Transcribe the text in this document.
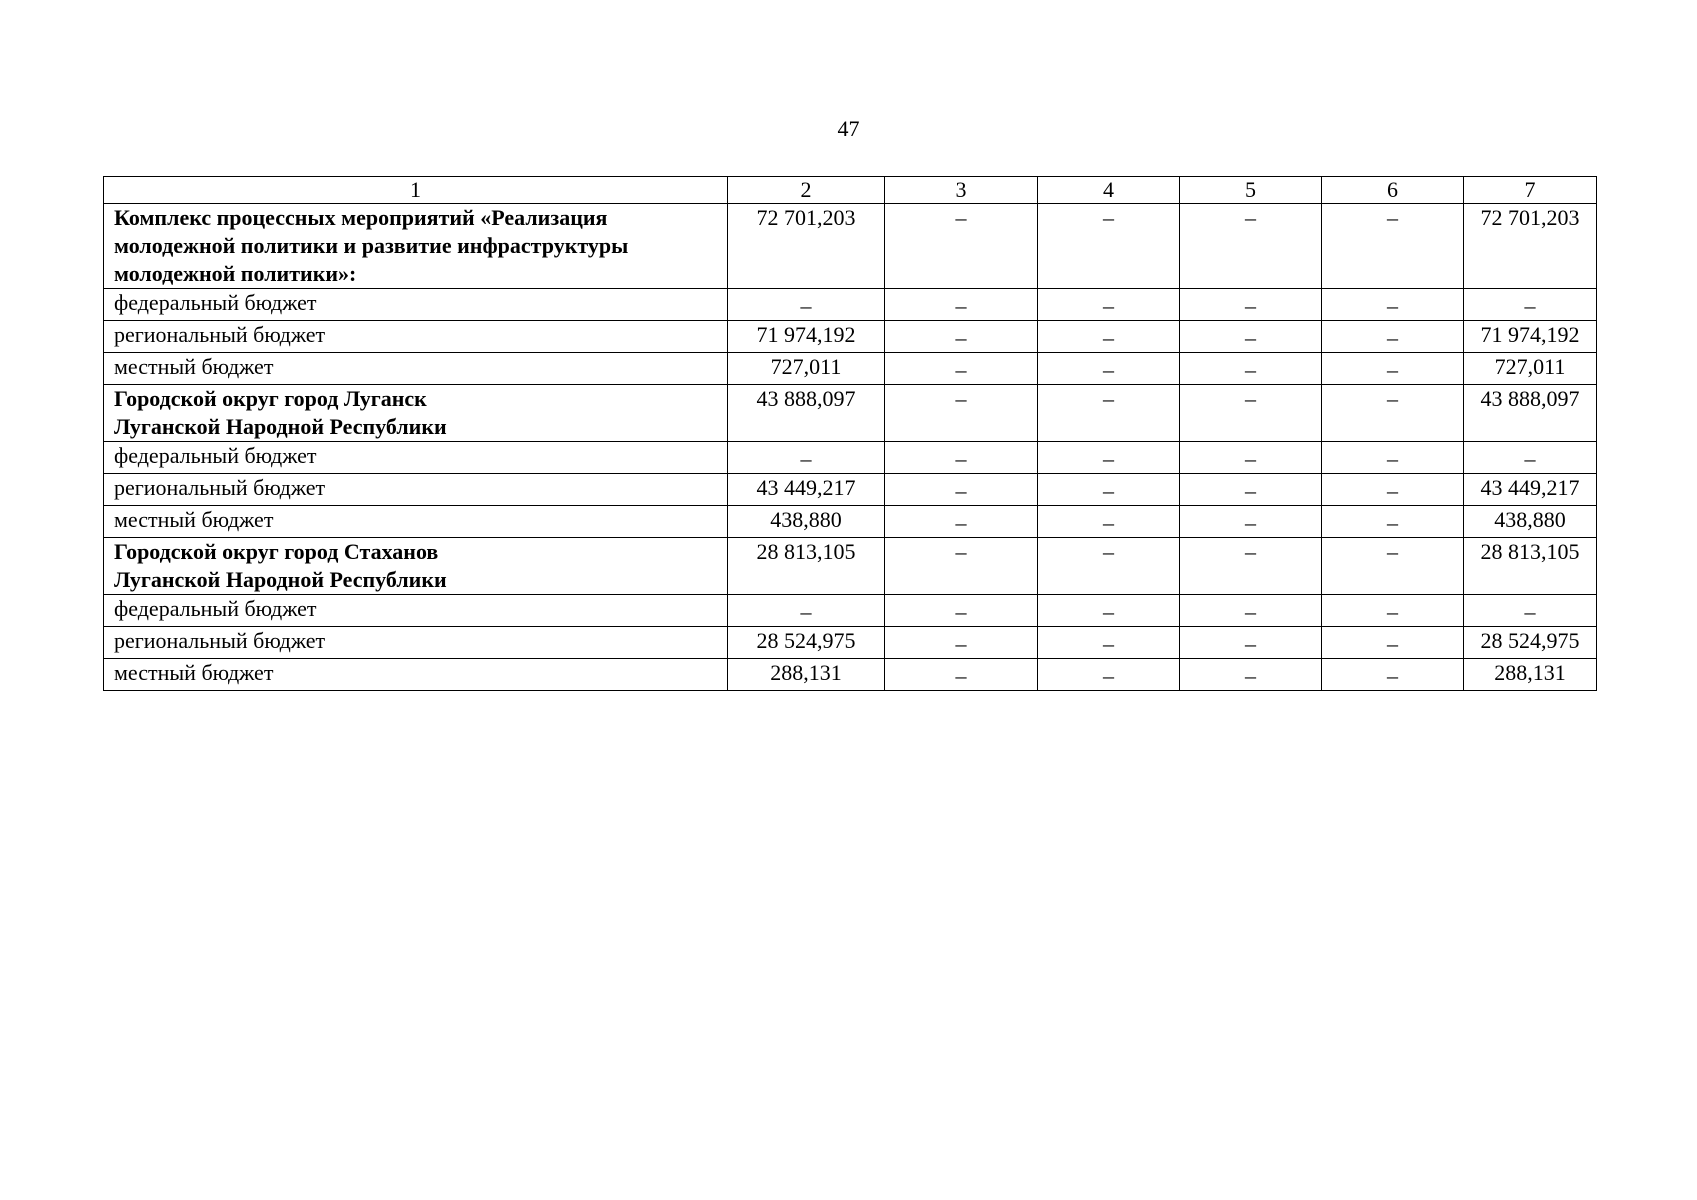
47
1	2	3	4	5	6	7
Комплекс процессных мероприятий «Реализация молодежной политики и развитие инфраструктуры молодежной политики»:	72 701,203	–	–	–	–	72 701,203
федеральный бюджет	–	–	–	–	–	–
региональный бюджет	71 974,192	–	–	–	–	71 974,192
местный бюджет	727,011	–	–	–	–	727,011
Городской округ город Луганск
Луганской Народной Республики	43 888,097	–	–	–	–	43 888,097
федеральный бюджет	–	–	–	–	–	–
региональный бюджет	43 449,217	–	–	–	–	43 449,217
местный бюджет	438,880	–	–	–	–	438,880
Городской округ город Стаханов
Луганской Народной Республики	28 813,105	–	–	–	–	28 813,105
федеральный бюджет	–	–	–	–	–	–
региональный бюджет	28 524,975	–	–	–	–	28 524,975
местный бюджет	288,131	–	–	–	–	288,131
